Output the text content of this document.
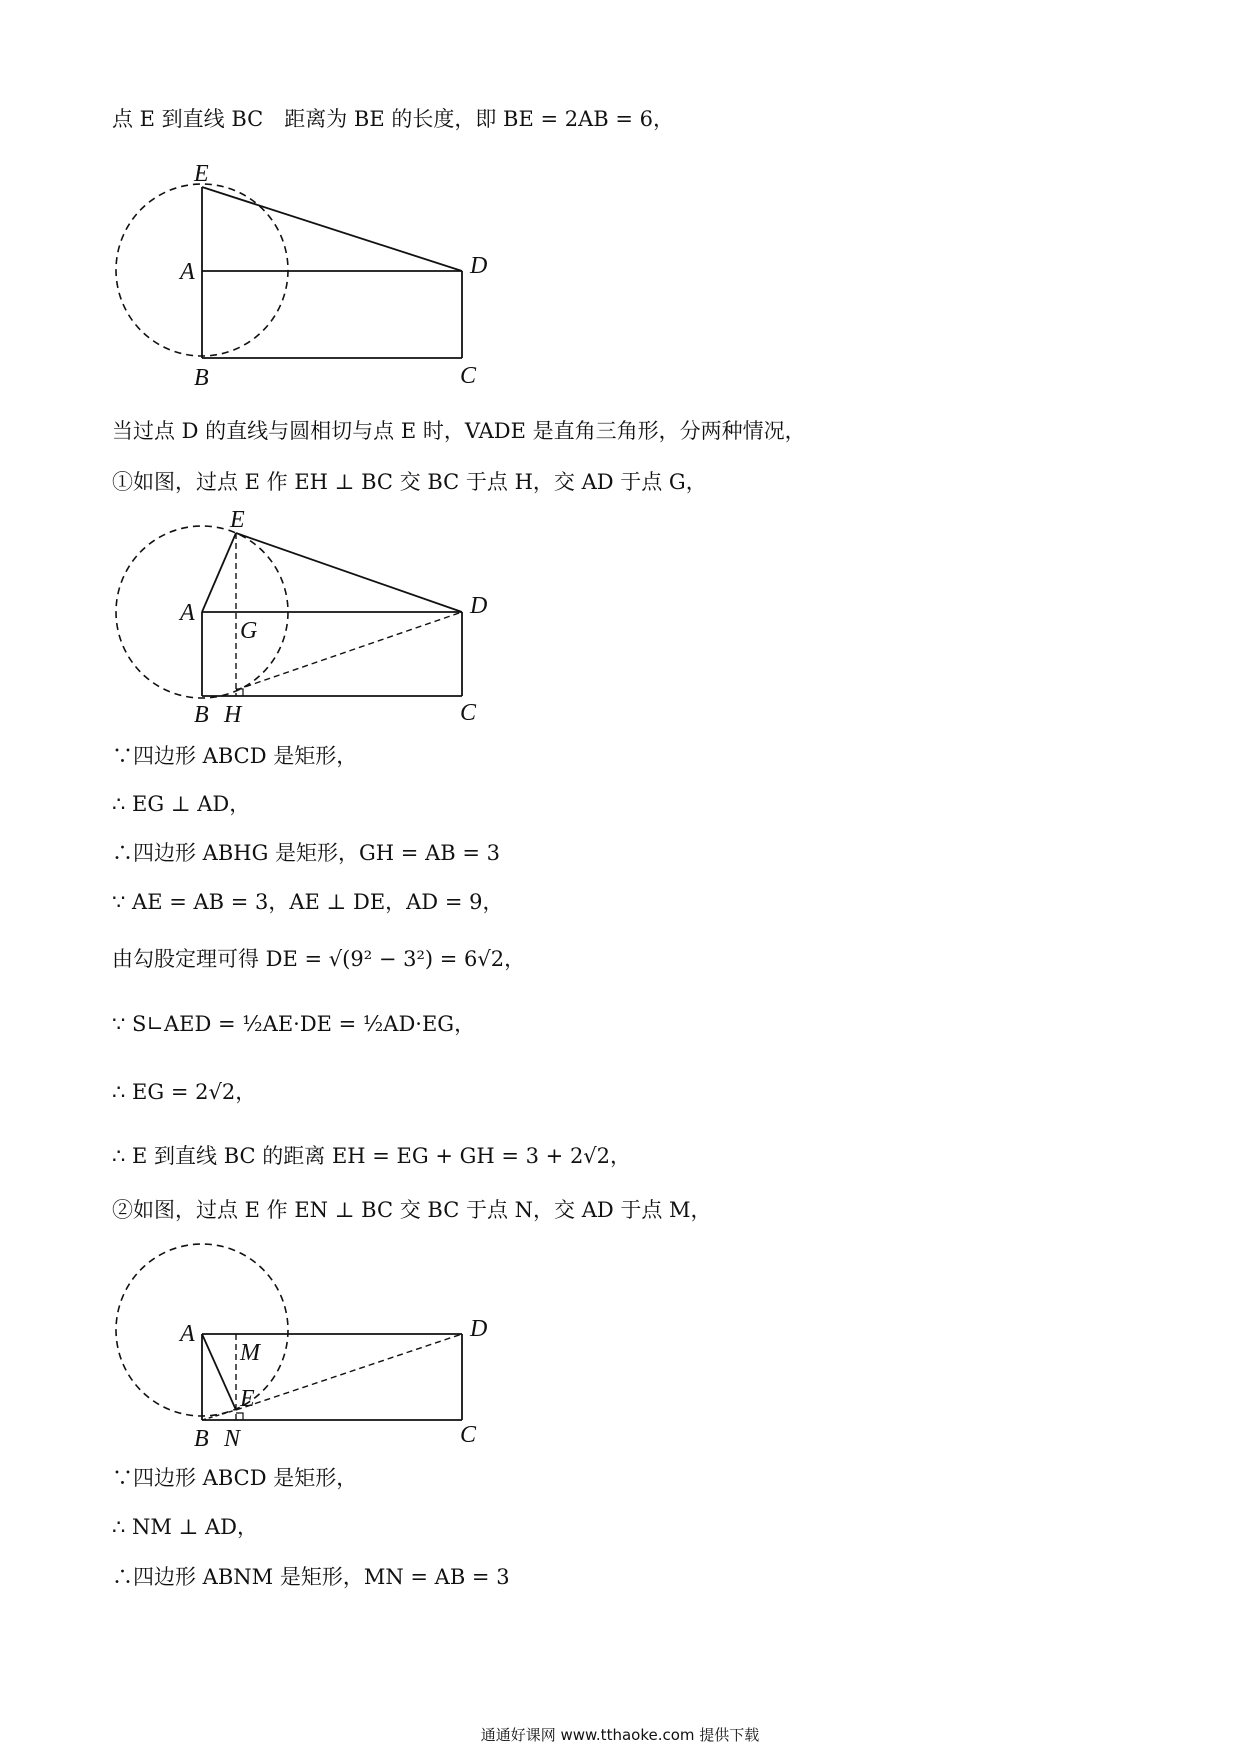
点 E 到直线 BC　距离为 BE 的长度，即 BE = 2AB = 6，
E
A	D
B	C
当过点 D 的直线与圆相切与点 E 时，VADE 是直角三角形，分两种情况，
①如图，过点 E 作 EH ⊥ BC 交 BC 于点 H，交 AD 于点 G，
E
A	D
G
B H	C
∵四边形 ABCD 是矩形，
∴ EG ⊥ AD，
∴四边形 ABHG 是矩形，GH = AB = 3
∵ AE = AB = 3，AE ⊥ DE，AD = 9，
由勾股定理可得 DE = √(9² − 3²) = 6√2，
∵ S∟AED = ½AE·DE = ½AD·EG，
∴ EG = 2√2，
∴ E 到直线 BC 的距离 EH = EG + GH = 3 + 2√2，
②如图，过点 E 作 EN ⊥ BC 交 BC 于点 N，交 AD 于点 M，
A
M
D
E
B N	C
∵四边形 ABCD 是矩形，
∴ NM ⊥ AD，
∴四边形 ABNM 是矩形，MN = AB = 3
通通好课网 www.tthaoke.com 提供下载
